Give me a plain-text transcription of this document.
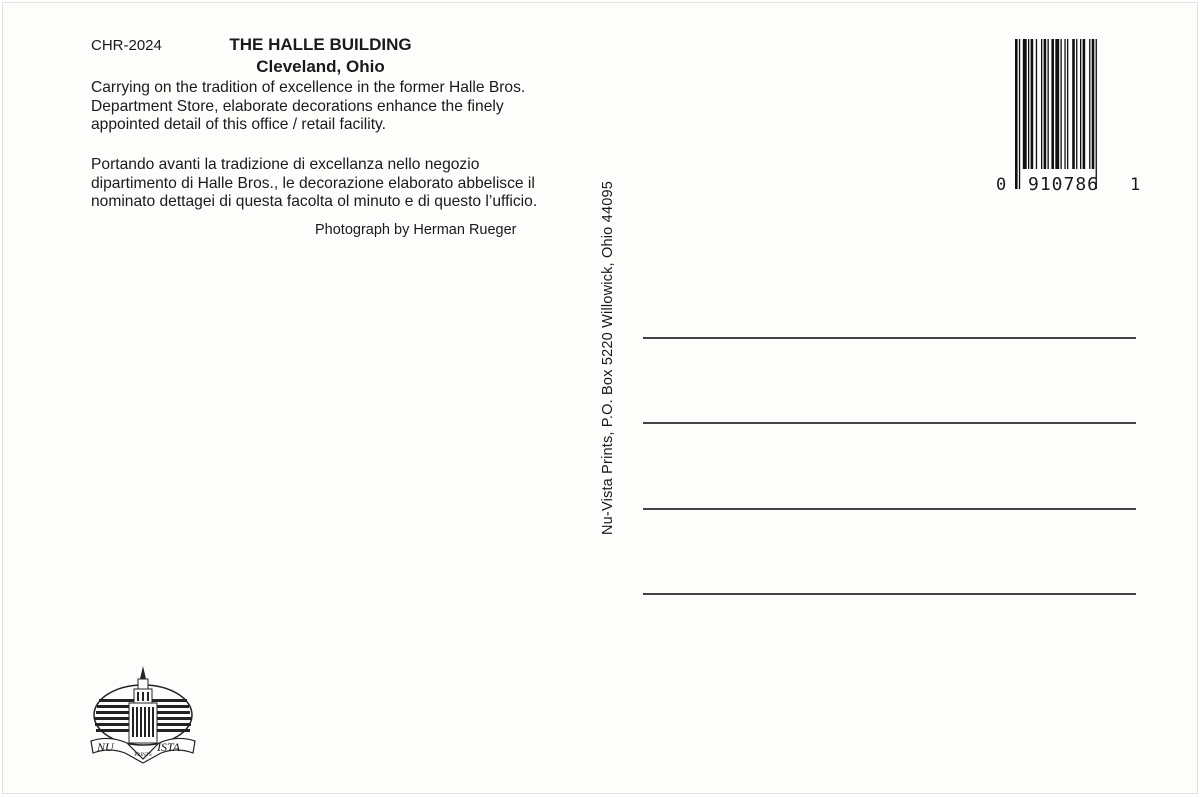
CHR-2024	THE HALLE BUILDING
Cleveland, Ohio
Carrying on the tradition of excellence in the former Halle Bros. Department Store, elaborate decorations enhance the finely appointed detail of this office / retail facility.
Portando avanti la tradizione di excellanza nello negozio dipartimento di Halle Bros., le decorazione elaborato abbelisce il nominato dettagei di questa facolta ol minuto e di questo l’ufficio.
Photograph by Herman Rueger	Nu-Vista Prints, P.O. Box 5220 Willowick, Ohio 44095	0 910786 1
NU	ISTA
PRINTS
